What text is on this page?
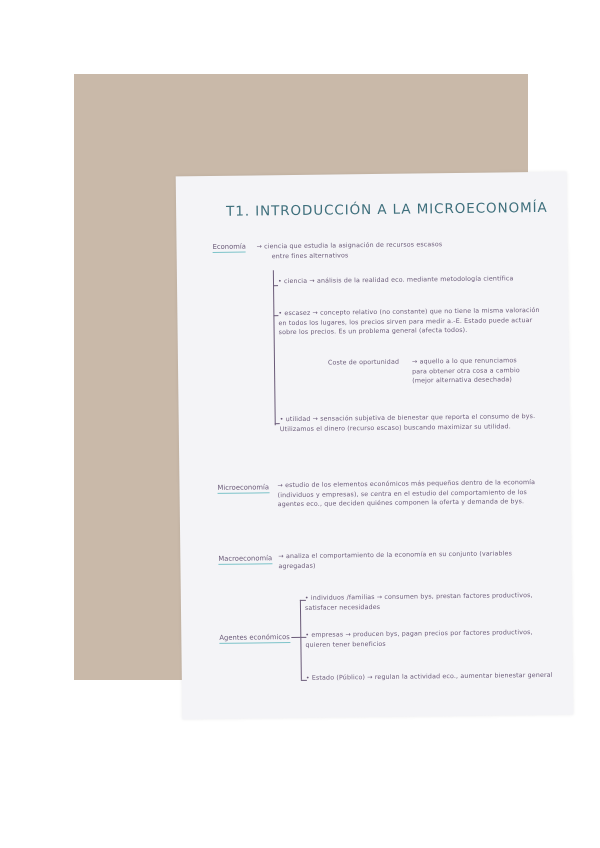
T1. INTRODUCCIÓN A LA MICROECONOMÍA
Economía → ciencia que estudia la asignación de recursos escasos
entre fines alternativos
• ciencia → análisis de la realidad eco. mediante metodología científica
• escasez → concepto relativo (no constante) que no tiene la misma valoración en todos los lugares, los precios sirven para medir a.-E. Estado puede actuar sobre los precios. Es un problema general (afecta todos).
Coste de oportunidad → aquello a lo que renunciamos para obtener otra cosa a cambio (mejor alternativa desechada)
• utilidad → sensación subjetiva de bienestar que reporta el consumo de bys. Utilizamos el dinero (recurso escaso) buscando maximizar su utilidad.
Microeconomía → estudio de los elementos económicos más pequeños dentro de la economía (individuos y empresas), se centra en el estudio del comportamiento de los agentes eco., que deciden quiénes componen la oferta y demanda de bys.
Macroeconomía → analiza el comportamiento de la economía en su conjunto (variables agregadas)
Agentes económicos
• individuos /familias → consumen bys, prestan factores productivos, satisfacer necesidades
• empresas → producen bys, pagan precios por factores productivos, quieren tener beneficios
• Estado (Público) → regulan la actividad eco., aumentar bienestar general
